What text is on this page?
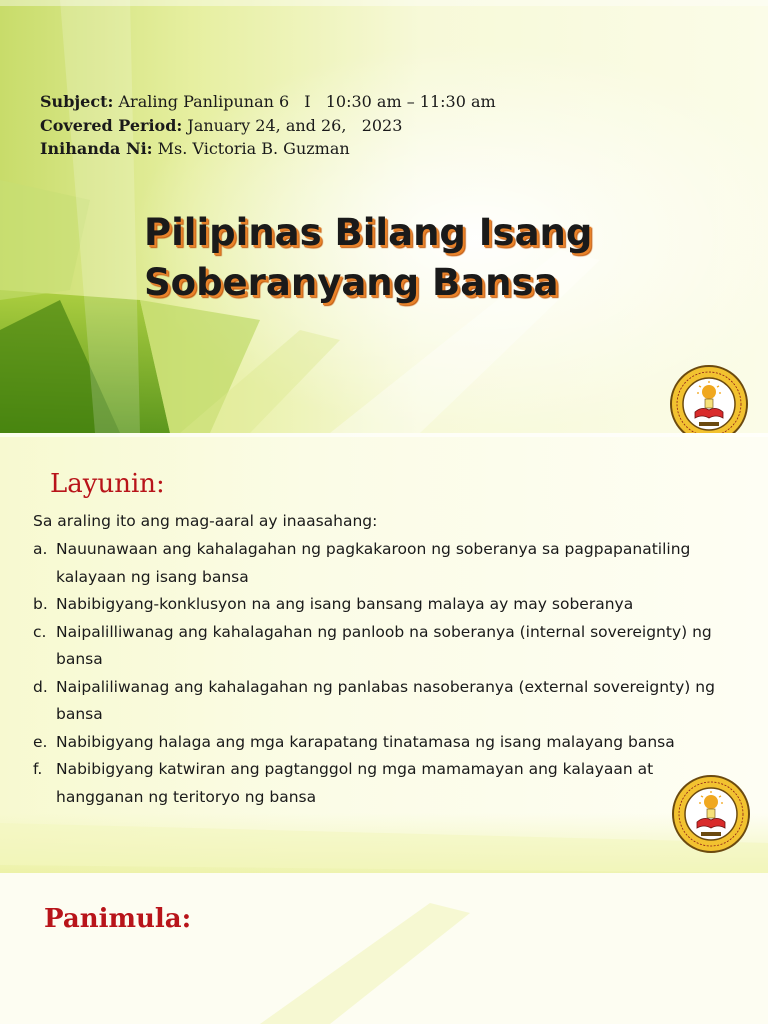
Subject: Araling Panlipunan 6 I 10:30 am – 11:30 am
Covered Period: January 24, and 26,   2023
Inihanda Ni: Ms. Victoria B. Guzman
Pilipinas Bilang Isang
Soberanyang Bansa
Layunin:
Sa araling ito ang mag-aaral ay inaasahang:
a. Nauunawaan ang kahalagahan ng pagkakaroon ng soberanya sa pagpapanatiling kalayaan ng isang bansa
b. Nabibigyang-konklusyon na ang isang bansang malaya ay may soberanya
c. Naipalilliwanag ang kahalagahan ng panloob na soberanya (internal sovereignty) ng bansa
d. Naipaliliwanag ang kahalagahan ng panlabas nasoberanya (external sovereignty) ng bansa
e. Nabibigyang halaga ang mga karapatang tinatamasa ng isang malayang bansa
f. Nabibigyang katwiran ang pagtanggol ng mga mamamayan ang kalayaan at hangganan ng teritoryo ng bansa
Panimula:
